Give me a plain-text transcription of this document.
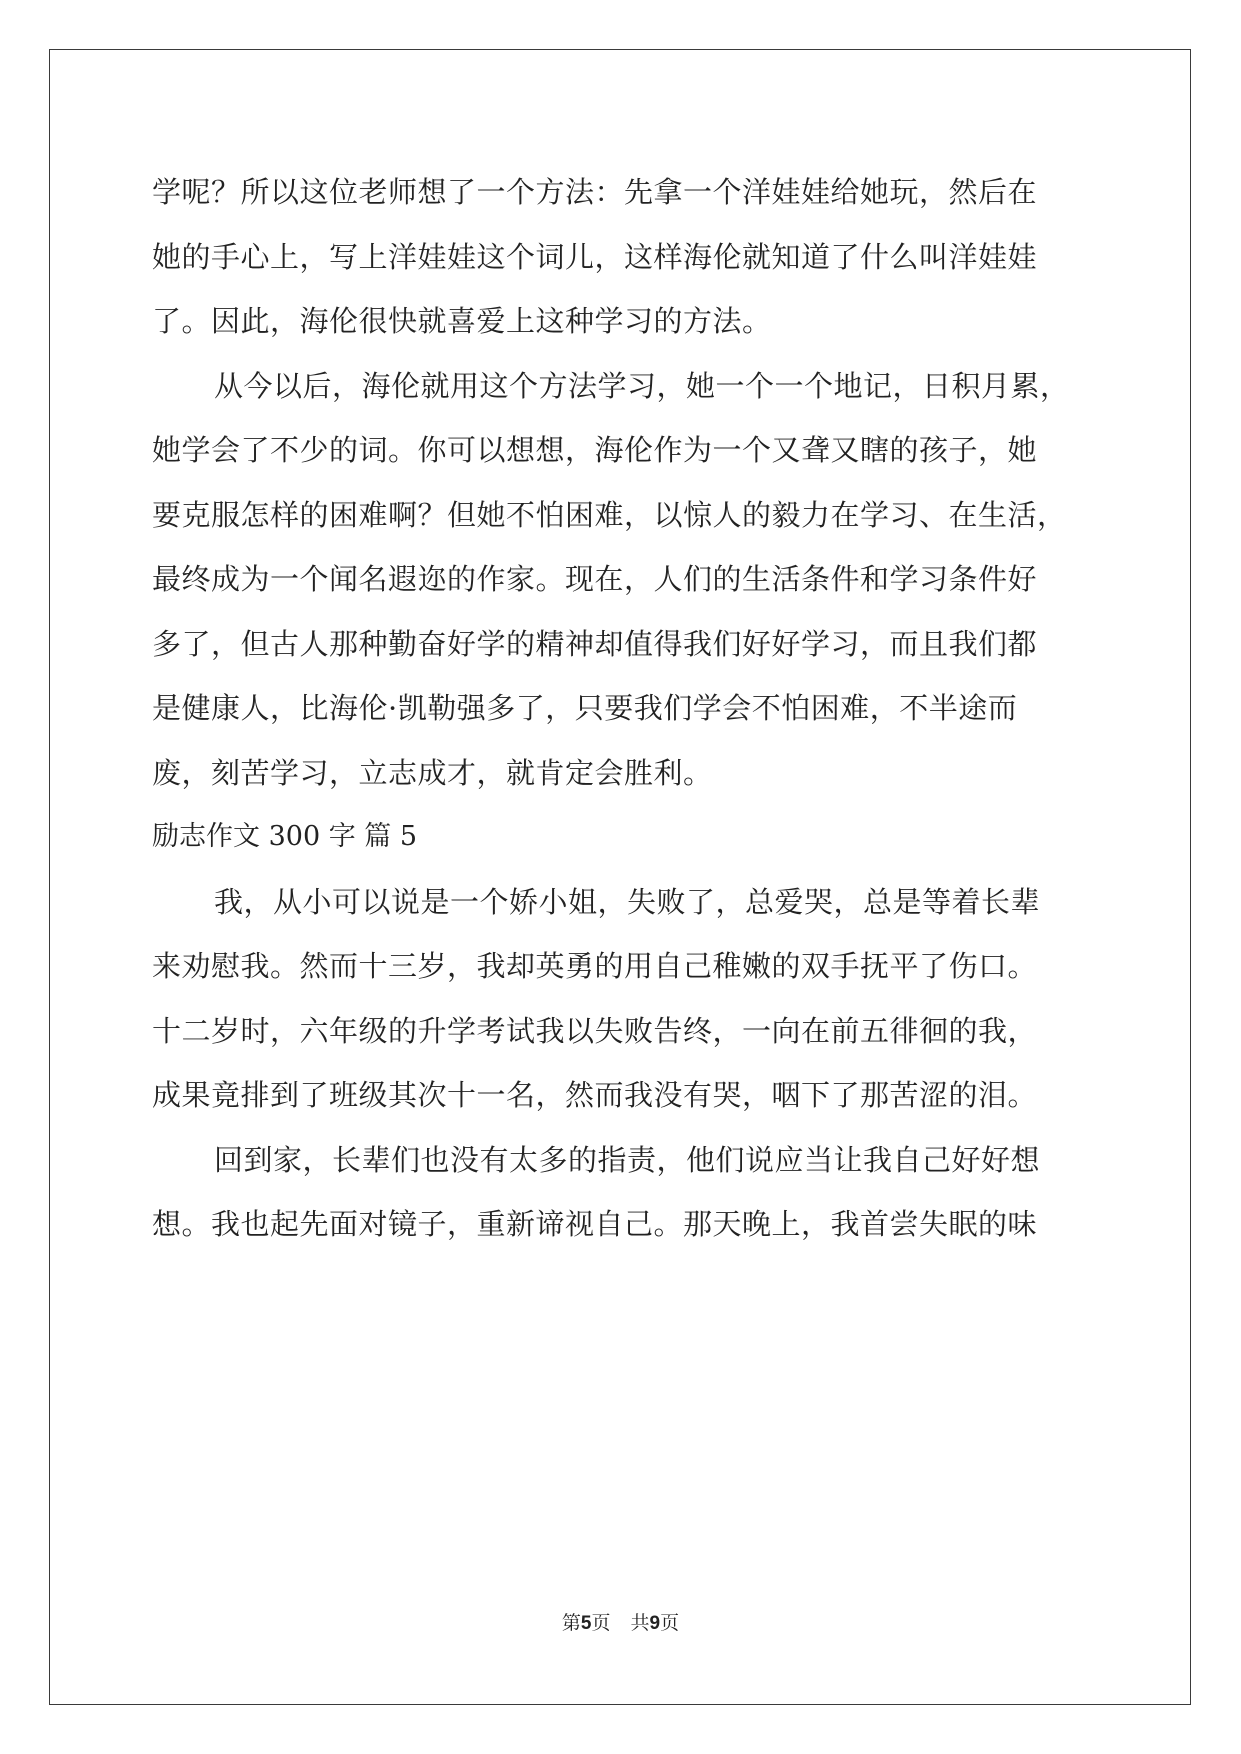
学呢？所以这位老师想了一个方法：先拿一个洋娃娃给她玩，然后在
她的手心上，写上洋娃娃这个词儿，这样海伦就知道了什么叫洋娃娃
了。因此，海伦很快就喜爱上这种学习的方法。
从今以后，海伦就用这个方法学习，她一个一个地记，日积月累，
她学会了不少的词。你可以想想，海伦作为一个又聋又瞎的孩子，她
要克服怎样的困难啊？但她不怕困难，以惊人的毅力在学习、在生活，
最终成为一个闻名遐迩的作家。现在，人们的生活条件和学习条件好
多了，但古人那种勤奋好学的精神却值得我们好好学习，而且我们都
是健康人，比海伦·凯勒强多了，只要我们学会不怕困难，不半途而
废，刻苦学习，立志成才，就肯定会胜利。
励志作文 300 字 篇 5
我，从小可以说是一个娇小姐，失败了，总爱哭，总是等着长辈
来劝慰我。然而十三岁，我却英勇的用自己稚嫩的双手抚平了伤口。
十二岁时，六年级的升学考试我以失败告终，一向在前五徘徊的我，
成果竟排到了班级其次十一名，然而我没有哭，咽下了那苦涩的泪。
回到家，长辈们也没有太多的指责，他们说应当让我自己好好想
想。我也起先面对镜子，重新谛视自己。那天晚上，我首尝失眠的味
第5页 共9页
